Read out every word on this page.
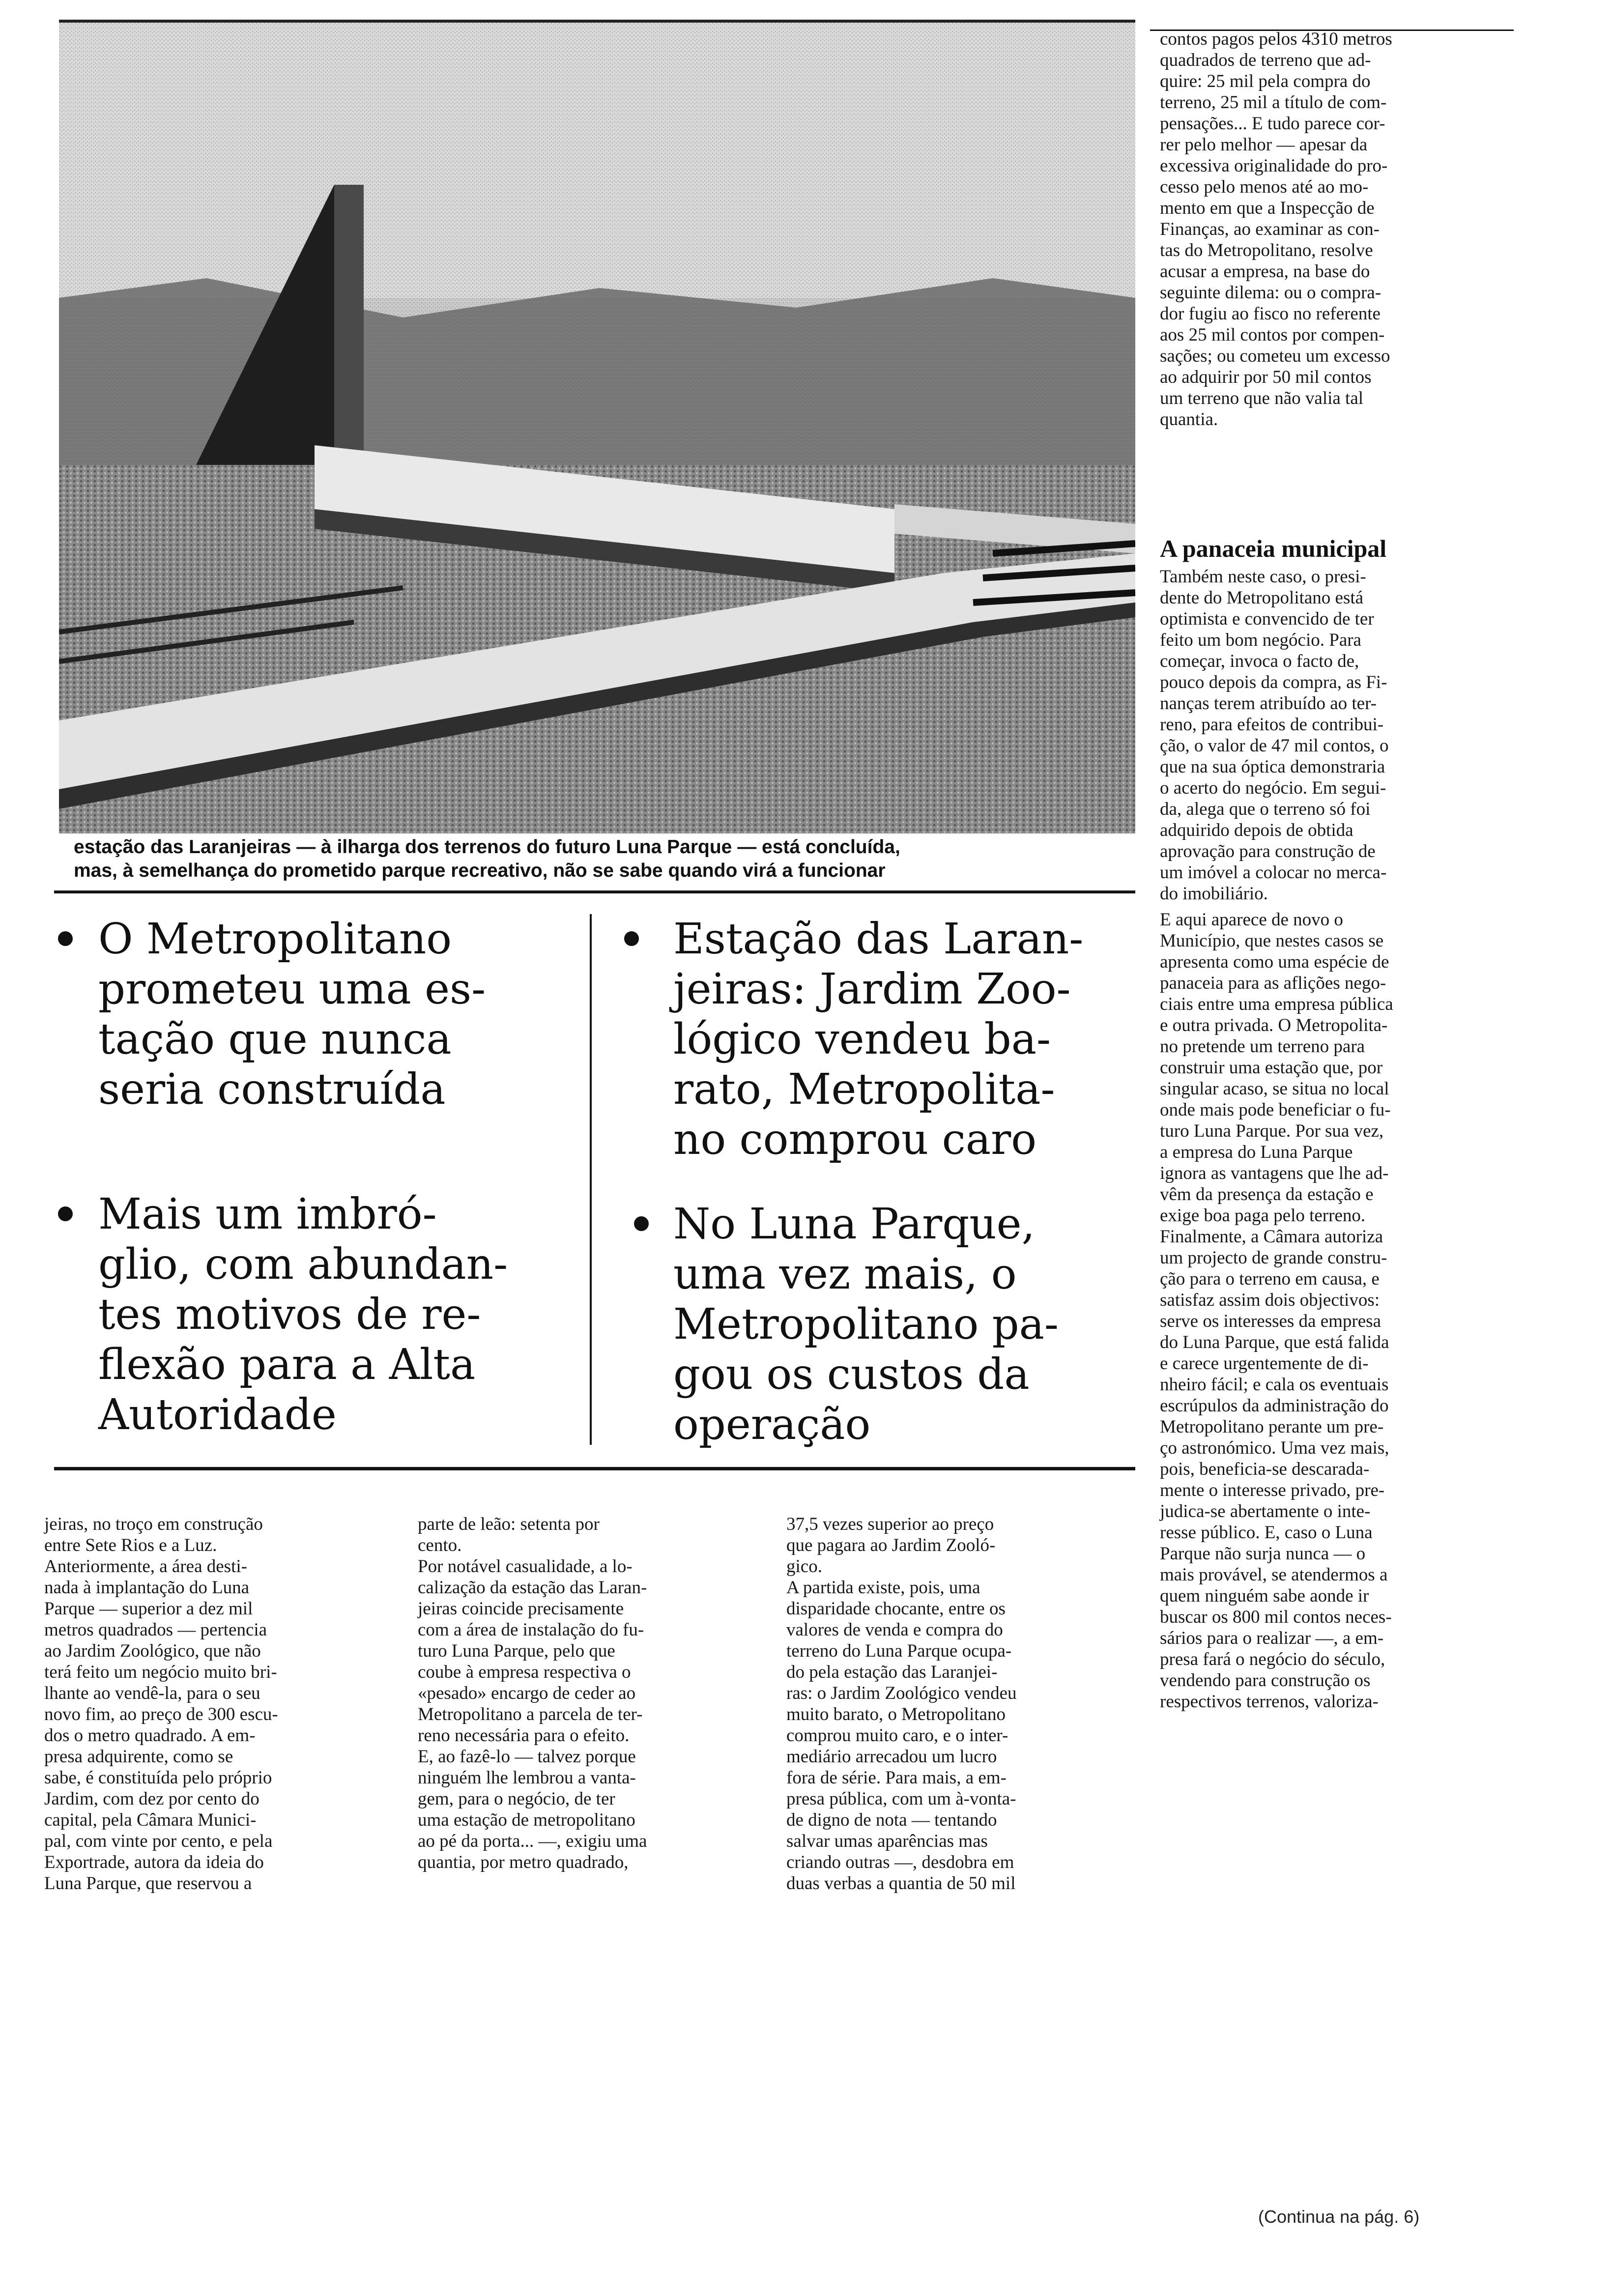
estação das Laranjeiras — à ilharga dos terrenos do futuro Luna Parque — está concluída,
mas, à semelhança do prometido parque recreativo, não se sabe quando virá a funcionar
O Metropolitano
prometeu uma es-
tação que nunca
seria construída
Mais um imbró-
glio, com abundan-
tes motivos de re-
flexão para a Alta
Autoridade
Estação das Laran-
jeiras: Jardim Zoo-
lógico vendeu ba-
rato, Metropolita-
no comprou caro
No Luna Parque,
uma vez mais, o
Metropolitano pa-
gou os custos da
operação
contos pagos pelos 4310 metros
quadrados de terreno que ad-
quire: 25 mil pela compra do
terreno, 25 mil a título de com-
pensações... E tudo parece cor-
rer pelo melhor — apesar da
excessiva originalidade do pro-
cesso pelo menos até ao mo-
mento em que a Inspecção de
Finanças, ao examinar as con-
tas do Metropolitano, resolve
acusar a empresa, na base do
seguinte dilema: ou o compra-
dor fugiu ao fisco no referente
aos 25 mil contos por compen-
sações; ou cometeu um excesso
ao adquirir por 50 mil contos
um terreno que não valia tal
quantia.
A panaceia municipal
Também neste caso, o presi-
dente do Metropolitano está
optimista e convencido de ter
feito um bom negócio. Para
começar, invoca o facto de,
pouco depois da compra, as Fi-
nanças terem atribuído ao ter-
reno, para efeitos de contribui-
ção, o valor de 47 mil contos, o
que na sua óptica demonstraria
o acerto do negócio. Em segui-
da, alega que o terreno só foi
adquirido depois de obtida
aprovação para construção de
um imóvel a colocar no merca-
do imobiliário.
E aqui aparece de novo o
Município, que nestes casos se
apresenta como uma espécie de
panaceia para as aflições nego-
ciais entre uma empresa pública
e outra privada. O Metropolita-
no pretende um terreno para
construir uma estação que, por
singular acaso, se situa no local
onde mais pode beneficiar o fu-
turo Luna Parque. Por sua vez,
a empresa do Luna Parque
ignora as vantagens que lhe ad-
vêm da presença da estação e
exige boa paga pelo terreno.
Finalmente, a Câmara autoriza
um projecto de grande constru-
ção para o terreno em causa, e
satisfaz assim dois objectivos:
serve os interesses da empresa
do Luna Parque, que está falida
e carece urgentemente de di-
nheiro fácil; e cala os eventuais
escrúpulos da administração do
Metropolitano perante um pre-
ço astronómico. Uma vez mais,
pois, beneficia-se descarada-
mente o interesse privado, pre-
judica-se abertamente o inte-
resse público. E, caso o Luna
Parque não surja nunca — o
mais provável, se atendermos a
quem ninguém sabe aonde ir
buscar os 800 mil contos neces-
sários para o realizar —, a em-
presa fará o negócio do século,
vendendo para construção os
respectivos terrenos, valoriza-
(Continua na pág. 6)
jeiras, no troço em construção
entre Sete Rios e a Luz.
Anteriormente, a área desti-
nada à implantação do Luna
Parque — superior a dez mil
metros quadrados — pertencia
ao Jardim Zoológico, que não
terá feito um negócio muito bri-
lhante ao vendê-la, para o seu
novo fim, ao preço de 300 escu-
dos o metro quadrado. A em-
presa adquirente, como se
sabe, é constituída pelo próprio
Jardim, com dez por cento do
capital, pela Câmara Munici-
pal, com vinte por cento, e pela
Exportrade, autora da ideia do
Luna Parque, que reservou a
parte de leão: setenta por
cento.
Por notável casualidade, a lo-
calização da estação das Laran-
jeiras coincide precisamente
com a área de instalação do fu-
turo Luna Parque, pelo que
coube à empresa respectiva o
«pesado» encargo de ceder ao
Metropolitano a parcela de ter-
reno necessária para o efeito.
E, ao fazê-lo — talvez porque
ninguém lhe lembrou a vanta-
gem, para o negócio, de ter
uma estação de metropolitano
ao pé da porta... —, exigiu uma
quantia, por metro quadrado,
37,5 vezes superior ao preço
que pagara ao Jardim Zooló-
gico.
A partida existe, pois, uma
disparidade chocante, entre os
valores de venda e compra do
terreno do Luna Parque ocupa-
do pela estação das Laranjei-
ras: o Jardim Zoológico vendeu
muito barato, o Metropolitano
comprou muito caro, e o inter-
mediário arrecadou um lucro
fora de série. Para mais, a em-
presa pública, com um à-vonta-
de digno de nota — tentando
salvar umas aparências mas
criando outras —, desdobra em
duas verbas a quantia de 50 mil
